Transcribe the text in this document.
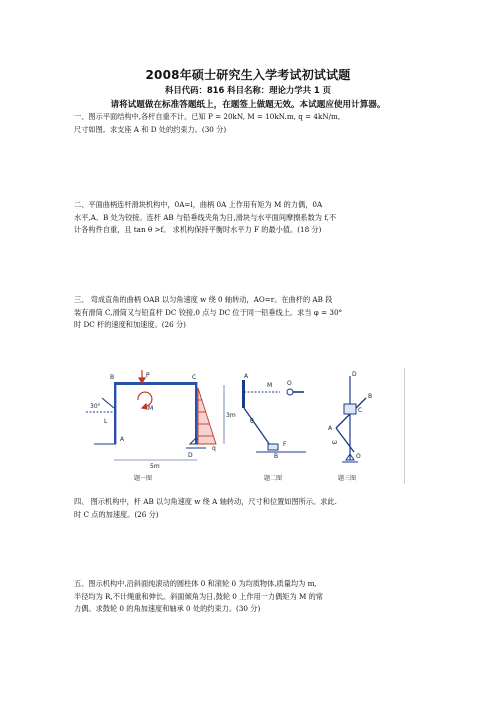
2008年硕士研究生入学考试初试试题
科目代码：816 科目名称：理论力学共 1 页
请将试题做在标准答题纸上，在题签上做题无效。本试题应使用计算器。
一、图示平面结构中,各杆自重不计。已知 P = 20kN, M = 10kN.m, q = 4kN/m,
尺寸如图。求支座 A 和 D 处的约束力。(30 分)
二、平面曲柄连杆滑块机构中，0A=l，曲柄 0A 上作用有矩为 M 的力偶，0A
水平,A、B 处为铰接。连杆 AB 与铅垂线夹角为日,滑块与水平面间摩擦系数为 f,不
计各构件自重，且 tan θ >f。 求机构保持平衡时水平力 F 的最小值。(18 分)
三、 弯成直角的曲柄 OAB 以匀角速度 w 绕 0 轴转动，AO=r。在曲杆的 AB 段
装有滑筒 C,滑筒又与铅直杆 DC 铰接,0 点与 DC 位于同一铅垂线上。求当 φ = 30°
时 DC 杆的速度和加速度。(26 分)
B	C
A
D
P
M
q
L
30°
3m
5m
题一图
A
B
O
M
F
θ
题二图
D
B
C
A
O
ω
题三图
四、 图示机构中，杆 AB 以匀角速度 w 绕 A 轴转动，尺寸和位置如图所示。求此.
时 C 点的加速度。(26 分)
五、图示机构中,沿斜面纯滚动的圆柱体 0 和滚轮 0 为均质物体,质量均为 m,
半径均为 R,不计绳重和伸长。斜面倾角为日,鼓轮 0 上作用一力偶矩为 M 的常
力偶。求鼓轮 0 的角加速度和轴承 0 处的约束力。(30 分)
